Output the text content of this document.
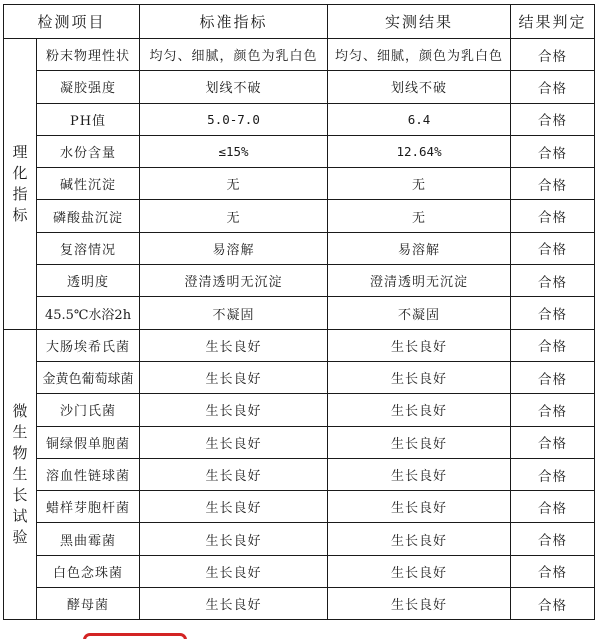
检测项目		标准指标	实测结果	结果判定
理化指标	粉末物理性状	均匀、细腻，颜色为乳白色	均匀、细腻，颜色为乳白色	合格
	凝胶强度	划线不破	划线不破	合格
	PH值	5.0-7.0	6.4	合格
	水份含量	≤15%	12.64%	合格
	碱性沉淀	无	无	合格
	磷酸盐沉淀	无	无	合格
	复溶情况	易溶解	易溶解	合格
	透明度	澄清透明无沉淀	澄清透明无沉淀	合格
	45.5℃水浴2h	不凝固	不凝固	合格
微生物生长试验	大肠埃希氏菌	生长良好	生长良好	合格
	金黄色葡萄球菌	生长良好	生长良好	合格
	沙门氏菌	生长良好	生长良好	合格
	铜绿假单胞菌	生长良好	生长良好	合格
	溶血性链球菌	生长良好	生长良好	合格
	蜡样芽胞杆菌	生长良好	生长良好	合格
	黑曲霉菌	生长良好	生长良好	合格
	白色念珠菌	生长良好	生长良好	合格
	酵母菌	生长良好	生长良好	合格
